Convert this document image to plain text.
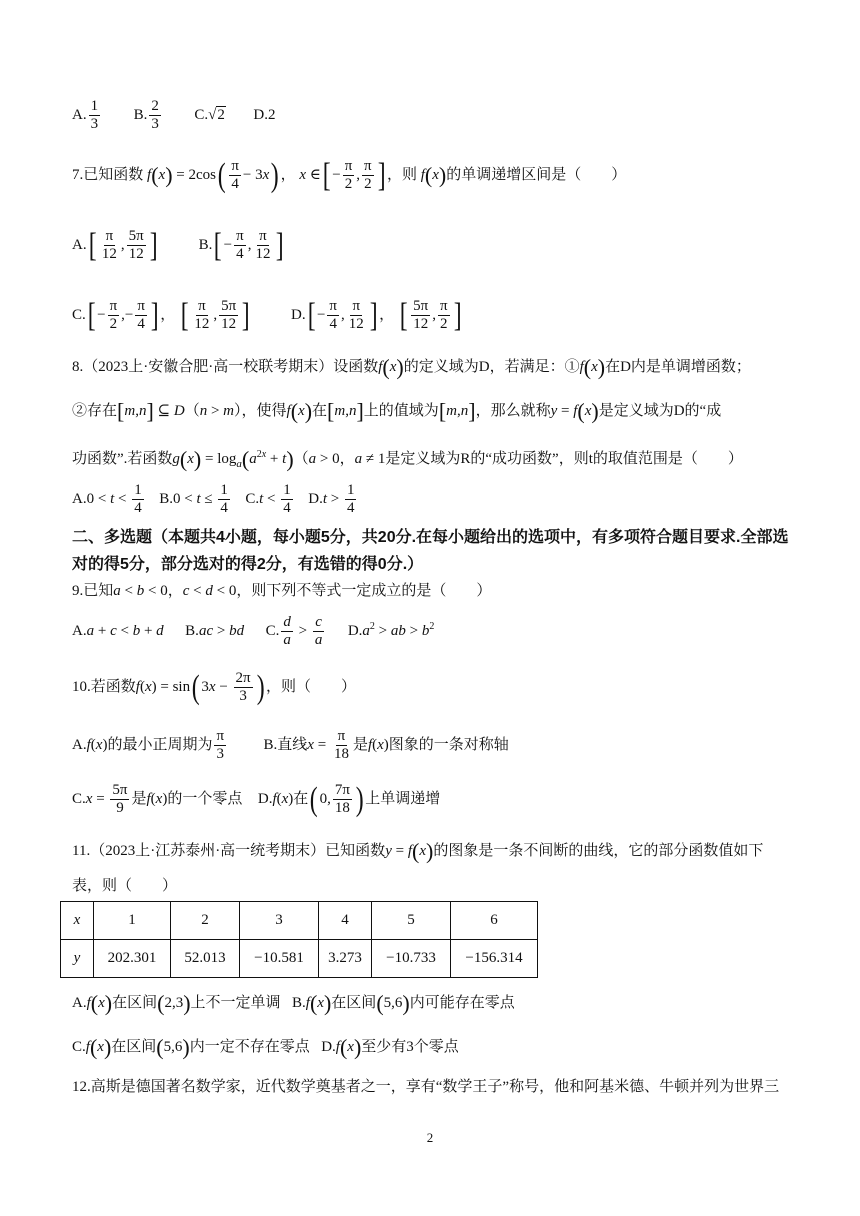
A. $\frac{1}{3} B$. $\frac{2}{3} C.√2$ D.2
7.已知函数 $f(x) = 2\cos( \frac{\pi}{4} - 3x)$ ， x ∈[ − $\frac{\pi}{2}$ , $\frac{\pi}{2}$ ] ，则 f(x)的单调递增区间是（　　）
$A.[ \frac{\pi}{12}$ , $\frac{5\pi}{12}$ ]	$B.[ - \frac{\pi}{4}$ , $\frac{\pi}{12}$ ]
$C.[ - \frac{\pi}{2}$ ,− $\frac{\pi}{4}$ ] ， [ $\frac{\pi}{12}$ , $\frac{5\pi}{12}$ ]	$D.[ - \frac{\pi}{4}$ , $\frac{\pi}{12}$ ] ， [ $\frac{5\pi}{12}$ , $\frac{\pi}{2}$ ]
8.（2023上·安徽合肥·高一校联考期末）设函数f(x)的定义域为D，若满足：①f(x)在D内是单调增函数；
②存在[m,n] ⊆ D（n > m），使得f(x)在[m,n]上的值域为[m,n]，那么就称y = f(x)是定义域为D的“成
功函数”.若函数$g(x) = \log_a(a^{2x} + t)(a > 0$，a ≠ 1是定义域为R的“成功函数”，则t的取值范围是（　　）
$A.0 < t < \frac{1}{4} B.0 < t \le \frac{1}{4} C.t < \frac{1}{4} D.t > \frac{1}{4}$
二、多选题（本题共4小题，每小题5分，共20分.在每小题给出的选项中，有多项符合题目要求.全部选对的得5分，部分选对的得2分，有选错的得0分.）
9.已知a < b < 0，c < d < 0，则下列不等式一定成立的是（　　）
A.a + c < b + d B.ac > bd C. $\frac{d}{a} > \frac{c}{a} D.a^2$ > ab > $b^2$
10.若函数f(x) = sin( $3x - \frac{2\pi}{3}$ ) ，则（　　）
A.f(x)的最小正周期为 $\frac{\pi}{3}$	B.直线$x = \frac{\pi}{18}$ 是f(x)图象的一条对称轴
$C.x = \frac{5\pi}{9}$ 是f(x)的一个零点 D.f(x)在( 0, $\frac{7\pi}{18}$ ) 上单调递增
11.（2023上·江苏泰州·高一统考期末）已知函数y = f(x)的图象是一条不间断的曲线，它的部分函数值如下
表，则（　　）
x	1	2	3	4	5	6
y	202.301	52.013	−10.581	3.273	−10.733	−156.314
A.f(x)在区间(2,3)上不一定单调 B.f(x)在区间(5,6)内可能存在零点
C.f(x)在区间(5,6)内一定不存在零点 D.f(x)至少有3个零点
12.高斯是德国著名数学家，近代数学奠基者之一，享有“数学王子”称号，他和阿基米德、牛顿并列为世界三
2
